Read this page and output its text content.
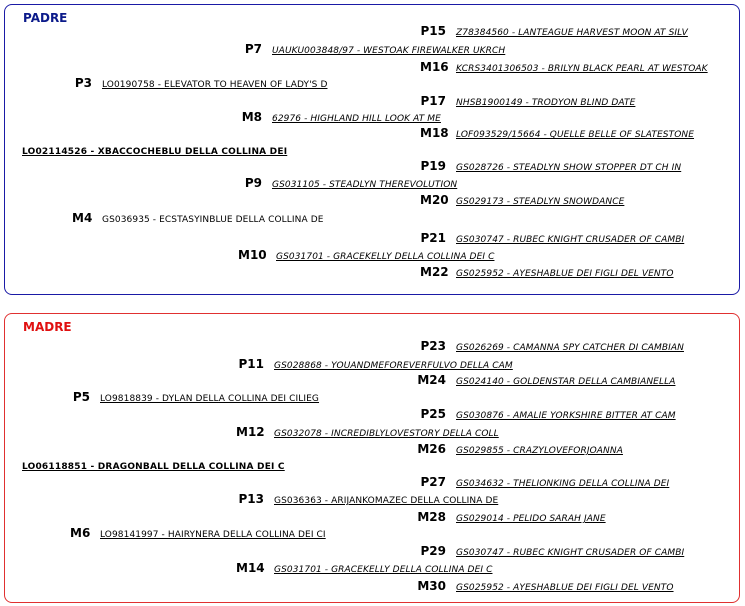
PADRE
P15 Z78384560 - LANTEAGUE HARVEST MOON AT SILV
P7 UAUKU003848/97 - WESTOAK FIREWALKER UKRCH
M16 KCRS3401306503 - BRILYN BLACK PEARL AT WESTOAK
P3 LO0190758 - ELEVATOR TO HEAVEN OF LADY'S D
P17 NHSB1900149 - TRODYON BLIND DATE
M8 62976 - HIGHLAND HILL LOOK AT ME
M18 LOF093529/15664 - QUELLE BELLE OF SLATESTONE
LO02114526 - XBACCOCHEBLU DELLA COLLINA DEI
P19 GS028726 - STEADLYN SHOW STOPPER DT CH IN
P9 GS031105 - STEADLYN THEREVOLUTION
M20 GS029173 - STEADLYN SNOWDANCE
M4 GS036935 - ECSTASYINBLUE DELLA COLLINA DE
P21 GS030747 - RUBEC KNIGHT CRUSADER OF CAMBI
M10 GS031701 - GRACEKELLY DELLA COLLINA DEI C
M22 GS025952 - AYESHABLUE DEI FIGLI DEL VENTO
MADRE
P23 GS026269 - CAMANNA SPY CATCHER DI CAMBIAN
P11 GS028868 - YOUANDMEFOREVERFULVO DELLA CAM
M24 GS024140 - GOLDENSTAR DELLA CAMBIANELLA
P5 LO9818839 - DYLAN DELLA COLLINA DEI CILIEG
P25 GS030876 - AMALIE YORKSHIRE BITTER AT CAM
M12 GS032078 - INCREDIBLYLOVESTORY DELLA COLL
M26 GS029855 - CRAZYLOVEFORJOANNA
LO06118851 - DRAGONBALL DELLA COLLINA DEI C
P27 GS034632 - THELIONKING DELLA COLLINA DEI
P13 GS036363 - ARIJANKOMAZEC DELLA COLLINA DE
M28 GS029014 - PELIDO SARAH JANE
M6 LO98141997 - HAIRYNERA DELLA COLLINA DEI CI
P29 GS030747 - RUBEC KNIGHT CRUSADER OF CAMBI
M14 GS031701 - GRACEKELLY DELLA COLLINA DEI C
M30 GS025952 - AYESHABLUE DEI FIGLI DEL VENTO
